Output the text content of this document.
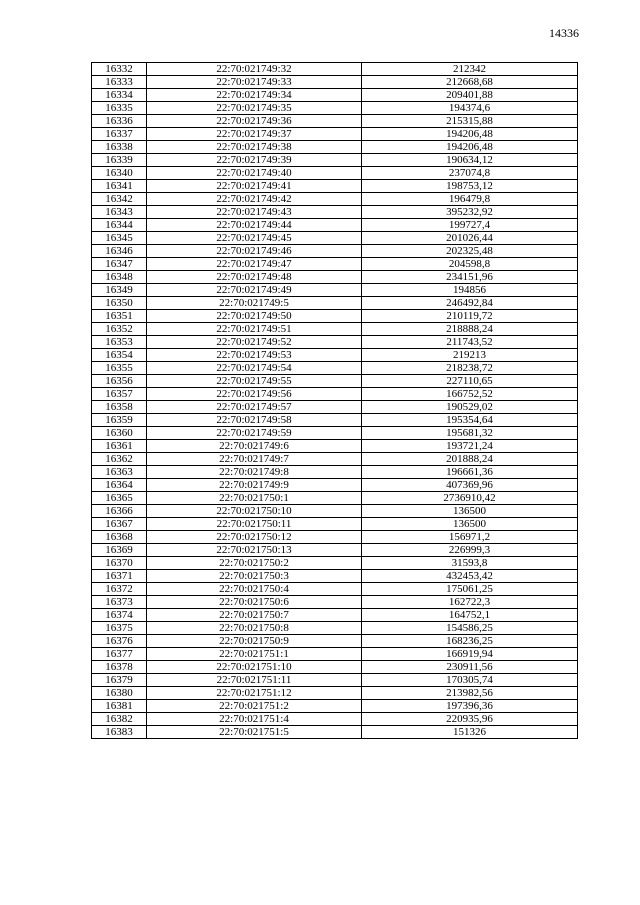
14336
16332	22:70:021749:32	212342
16333	22:70:021749:33	212668,68
16334	22:70:021749:34	209401,88
16335	22:70:021749:35	194374,6
16336	22:70:021749:36	215315,88
16337	22:70:021749:37	194206,48
16338	22:70:021749:38	194206,48
16339	22:70:021749:39	190634,12
16340	22:70:021749:40	237074,8
16341	22:70:021749:41	198753,12
16342	22:70:021749:42	196479,8
16343	22:70:021749:43	395232,92
16344	22:70:021749:44	199727,4
16345	22:70:021749:45	201026,44
16346	22:70:021749:46	202325,48
16347	22:70:021749:47	204598,8
16348	22:70:021749:48	234151,96
16349	22:70:021749:49	194856
16350	22:70:021749:5	246492,84
16351	22:70:021749:50	210119,72
16352	22:70:021749:51	218888,24
16353	22:70:021749:52	211743,52
16354	22:70:021749:53	219213
16355	22:70:021749:54	218238,72
16356	22:70:021749:55	227110,65
16357	22:70:021749:56	166752,52
16358	22:70:021749:57	190529,02
16359	22:70:021749:58	195354,64
16360	22:70:021749:59	195681,32
16361	22:70:021749:6	193721,24
16362	22:70:021749:7	201888,24
16363	22:70:021749:8	196661,36
16364	22:70:021749:9	407369,96
16365	22:70:021750:1	2736910,42
16366	22:70:021750:10	136500
16367	22:70:021750:11	136500
16368	22:70:021750:12	156971,2
16369	22:70:021750:13	226999,3
16370	22:70:021750:2	31593,8
16371	22:70:021750:3	432453,42
16372	22:70:021750:4	175061,25
16373	22:70:021750:6	162722,3
16374	22:70:021750:7	164752,1
16375	22:70:021750:8	154586,25
16376	22:70:021750:9	168236,25
16377	22:70:021751:1	166919,94
16378	22:70:021751:10	230911,56
16379	22:70:021751:11	170305,74
16380	22:70:021751:12	213982,56
16381	22:70:021751:2	197396,36
16382	22:70:021751:4	220935,96
16383	22:70:021751:5	151326
